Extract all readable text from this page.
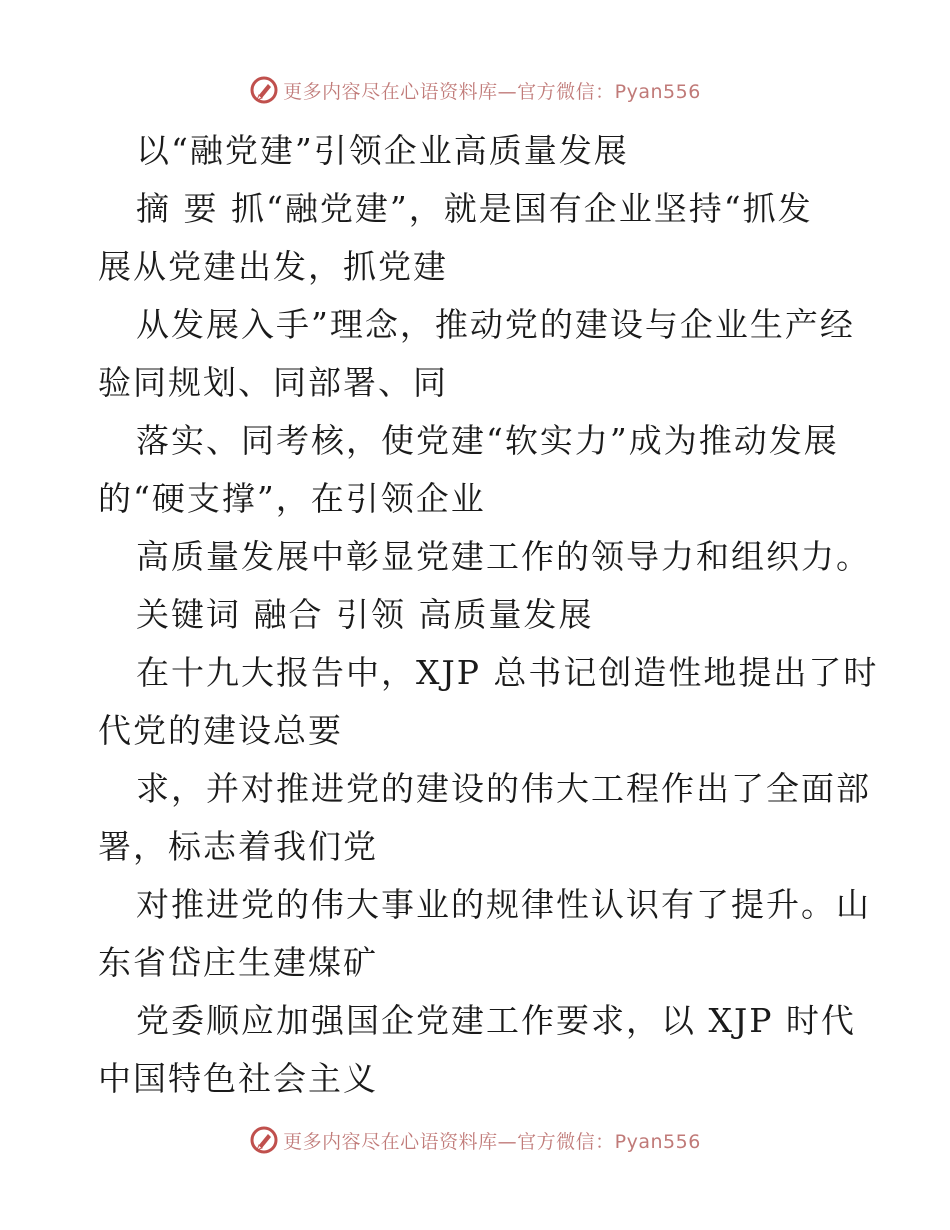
更多内容尽在心语资料库—官方微信：Pyan556
以“融党建”引领企业高质量发展
摘 要 抓“融党建”，就是国有企业坚持“抓发
展从党建出发，抓党建
从发展入手”理念，推动党的建设与企业生产经
验同规划、同部署、同
落实、同考核，使党建“软实力”成为推动发展
的“硬支撑”，在引领企业
高质量发展中彰显党建工作的领导力和组织力。
关键词 融合 引领 高质量发展
在十九大报告中，XJP 总书记创造性地提出了时
代党的建设总要
求，并对推进党的建设的伟大工程作出了全面部
署，标志着我们党
对推进党的伟大事业的规律性认识有了提升。山
东省岱庄生建煤矿
党委顺应加强国企党建工作要求，以 XJP 时代
中国特色社会主义
更多内容尽在心语资料库—官方微信：Pyan556
